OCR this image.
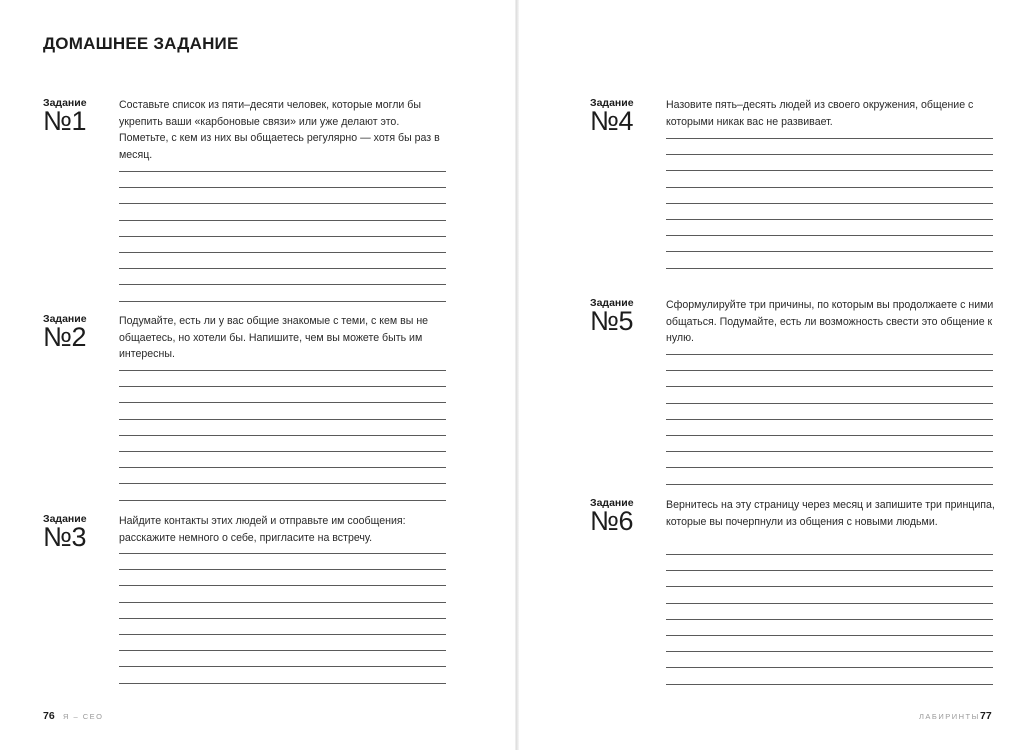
ДОМАШНЕЕ ЗАДАНИЕ
Задание
№1
Составьте список из пяти–десяти человек, которые могли бы укрепить ваши «карбоновые связи» или уже делают это. Пометьте, с кем из них вы общаетесь регулярно — хотя бы раз в месяц.
Задание
№2
Подумайте, есть ли у вас общие знакомые с теми, с кем вы не общаетесь, но хотели бы. Напишите, чем вы можете быть им интересны.
Задание
№3
Найдите контакты этих людей и отправьте им сообщения: расскажите немного о себе, пригласите на встречу.
76 Я – CEO
Задание
№4
Назовите пять–десять людей из своего окружения, общение с которыми никак вас не развивает.
Задание
№5
Сформулируйте три причины, по которым вы продолжаете с ними общаться. Подумайте, есть ли возможность свести это общение к нулю.
Задание
№6
Вернитесь на эту страницу через месяц и запишите три принципа, которые вы почерпнули из общения с новыми людьми.
ЛАБИРИНТЫ 77
